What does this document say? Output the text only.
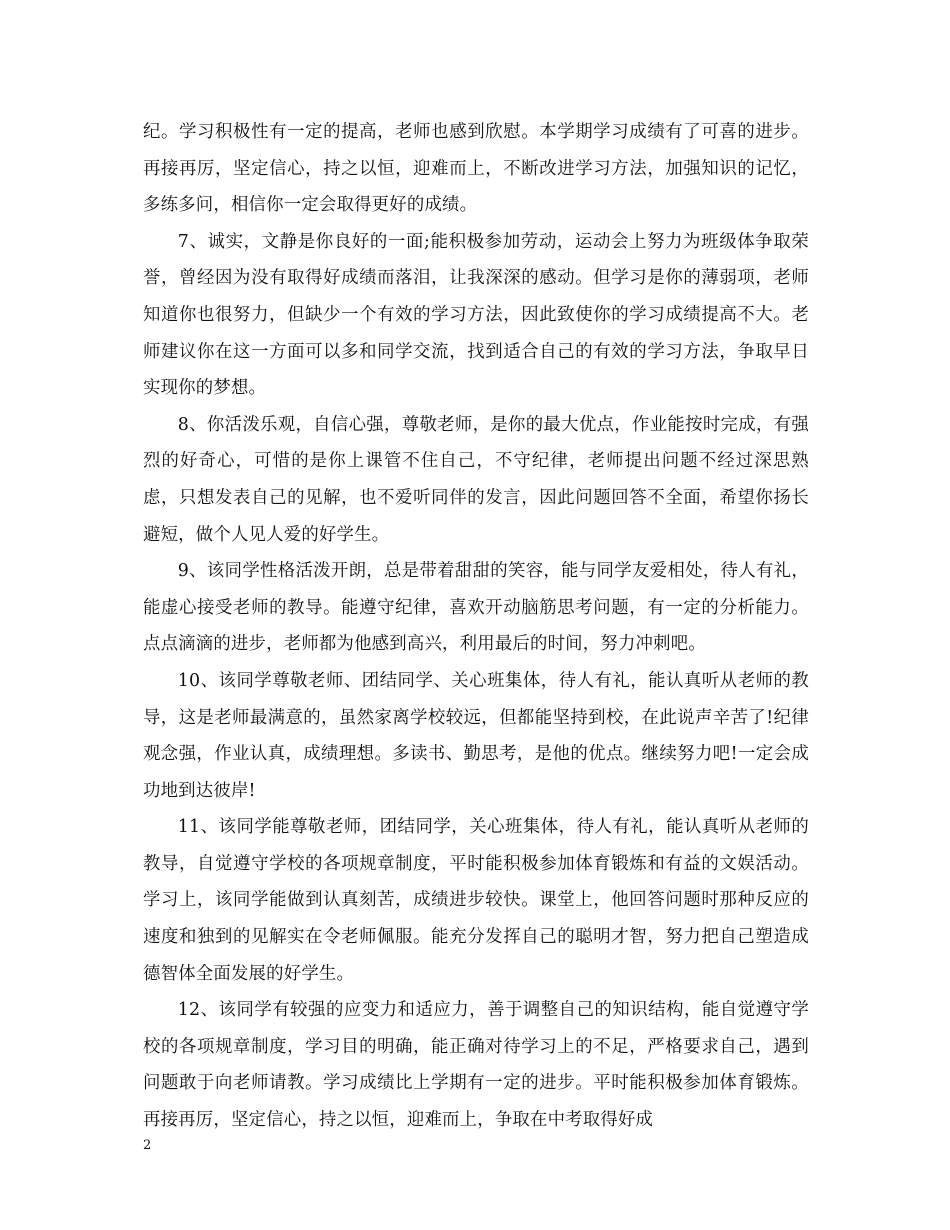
纪。学习积极性有一定的提高，老师也感到欣慰。本学期学习成绩有了可喜的进步。再接再厉，坚定信心，持之以恒，迎难而上，不断改进学习方法，加强知识的记忆，多练多问，相信你一定会取得更好的成绩。

7、诚实，文静是你良好的一面;能积极参加劳动，运动会上努力为班级体争取荣誉，曾经因为没有取得好成绩而落泪，让我深深的感动。但学习是你的薄弱项，老师知道你也很努力，但缺少一个有效的学习方法，因此致使你的学习成绩提高不大。老师建议你在这一方面可以多和同学交流，找到适合自己的有效的学习方法，争取早日实现你的梦想。

8、你活泼乐观，自信心强，尊敬老师，是你的最大优点，作业能按时完成，有强烈的好奇心，可惜的是你上课管不住自己，不守纪律，老师提出问题不经过深思熟虑，只想发表自己的见解，也不爱听同伴的发言，因此问题回答不全面，希望你扬长避短，做个人见人爱的好学生。

9、该同学性格活泼开朗，总是带着甜甜的笑容，能与同学友爱相处，待人有礼，能虚心接受老师的教导。能遵守纪律，喜欢开动脑筋思考问题，有一定的分析能力。点点滴滴的进步，老师都为他感到高兴，利用最后的时间，努力冲刺吧。

10、该同学尊敬老师、团结同学、关心班集体，待人有礼，能认真听从老师的教导，这是老师最满意的，虽然家离学校较远，但都能坚持到校，在此说声辛苦了!纪律观念强，作业认真，成绩理想。多读书、勤思考，是他的优点。继续努力吧!一定会成功地到达彼岸!

11、该同学能尊敬老师，团结同学，关心班集体，待人有礼，能认真听从老师的教导，自觉遵守学校的各项规章制度，平时能积极参加体育锻炼和有益的文娱活动。学习上，该同学能做到认真刻苦，成绩进步较快。课堂上，他回答问题时那种反应的速度和独到的见解实在令老师佩服。能充分发挥自己的聪明才智，努力把自己塑造成德智体全面发展的好学生。

12、该同学有较强的应变力和适应力，善于调整自己的知识结构，能自觉遵守学校的各项规章制度，学习目的明确，能正确对待学习上的不足，严格要求自己，遇到问题敢于向老师请教。学习成绩比上学期有一定的进步。平时能积极参加体育锻炼。再接再厉，坚定信心，持之以恒，迎难而上，争取在中考取得好成

2
